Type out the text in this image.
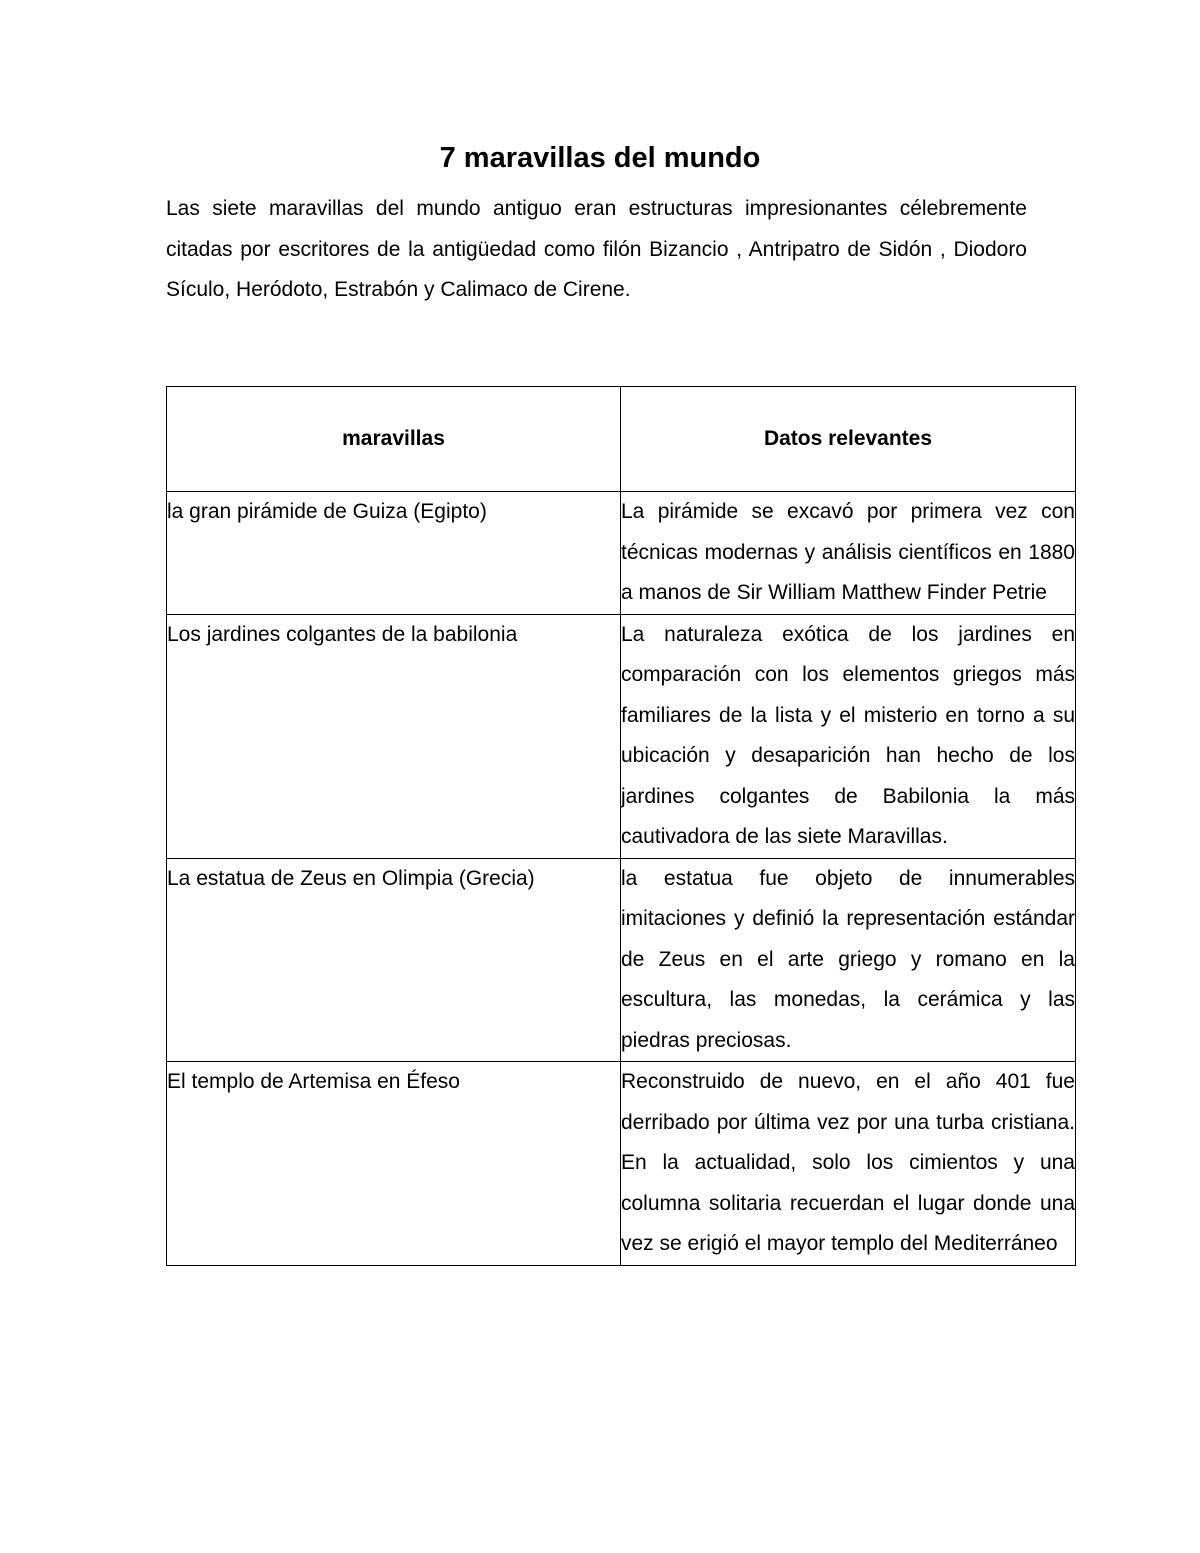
7 maravillas del mundo

Las siete maravillas del mundo antiguo eran estructuras impresionantes célebremente citadas por escritores de la antigüedad como filón Bizancio , Antripatro de Sidón , Diodoro Sículo, Heródoto, Estrabón y Calimaco de Cirene.

maravillas	Datos relevantes
la gran pirámide de Guiza (Egipto)	La pirámide se excavó por primera vez con técnicas modernas y análisis científicos en 1880 a manos de Sir William Matthew Finder Petrie
Los jardines colgantes de la babilonia	La naturaleza exótica de los jardines en comparación con los elementos griegos más familiares de la lista y el misterio en torno a su ubicación y desaparición han hecho de los jardines colgantes de Babilonia la más cautivadora de las siete Maravillas.
La estatua de Zeus en Olimpia (Grecia)	la estatua fue objeto de innumerables imitaciones y definió la representación estándar de Zeus en el arte griego y romano en la escultura, las monedas, la cerámica y las piedras preciosas.
El templo de Artemisa en Éfeso	Reconstruido de nuevo, en el año 401 fue derribado por última vez por una turba cristiana. En la actualidad, solo los cimientos y una columna solitaria recuerdan el lugar donde una vez se erigió el mayor templo del Mediterráneo
